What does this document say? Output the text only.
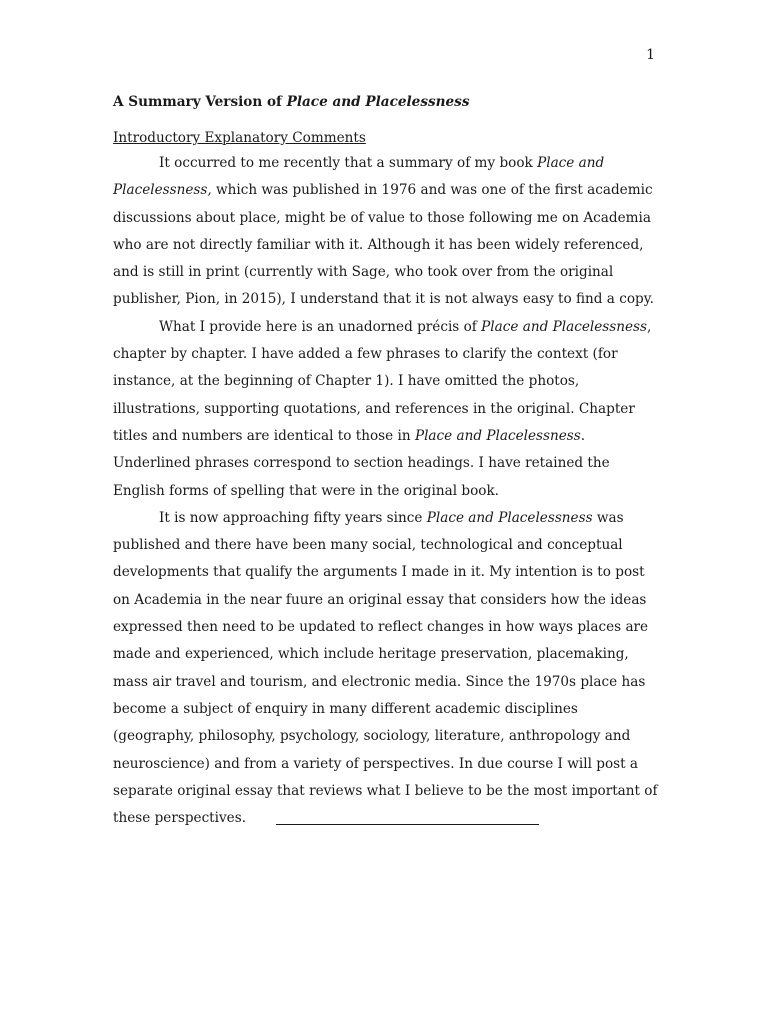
1
A Summary Version of Place and Placelessness
Introductory Explanatory Comments

It occurred to me recently that a summary of my book Place and Placelessness, which was published in 1976 and was one of the first academic discussions about place, might be of value to those following me on Academia who are not directly familiar with it. Although it has been widely referenced, and is still in print (currently with Sage, who took over from the original publisher, Pion, in 2015), I understand that it is not always easy to find a copy.

What I provide here is an unadorned précis of Place and Placelessness, chapter by chapter. I have added a few phrases to clarify the context (for instance, at the beginning of Chapter 1). I have omitted the photos, illustrations, supporting quotations, and references in the original. Chapter titles and numbers are identical to those in Place and Placelessness. Underlined phrases correspond to section headings. I have retained the English forms of spelling that were in the original book.

It is now approaching fifty years since Place and Placelessness was published and there have been many social, technological and conceptual developments that qualify the arguments I made in it. My intention is to post on Academia in the near fuure an original essay that considers how the ideas expressed then need to be updated to reflect changes in how ways places are made and experienced, which include heritage preservation, placemaking, mass air travel and tourism, and electronic media. Since the 1970s place has become a subject of enquiry in many different academic disciplines (geography, philosophy, psychology, sociology, literature, anthropology and neuroscience) and from a variety of perspectives. In due course I will post a separate original essay that reviews what I believe to be the most important of these perspectives.
